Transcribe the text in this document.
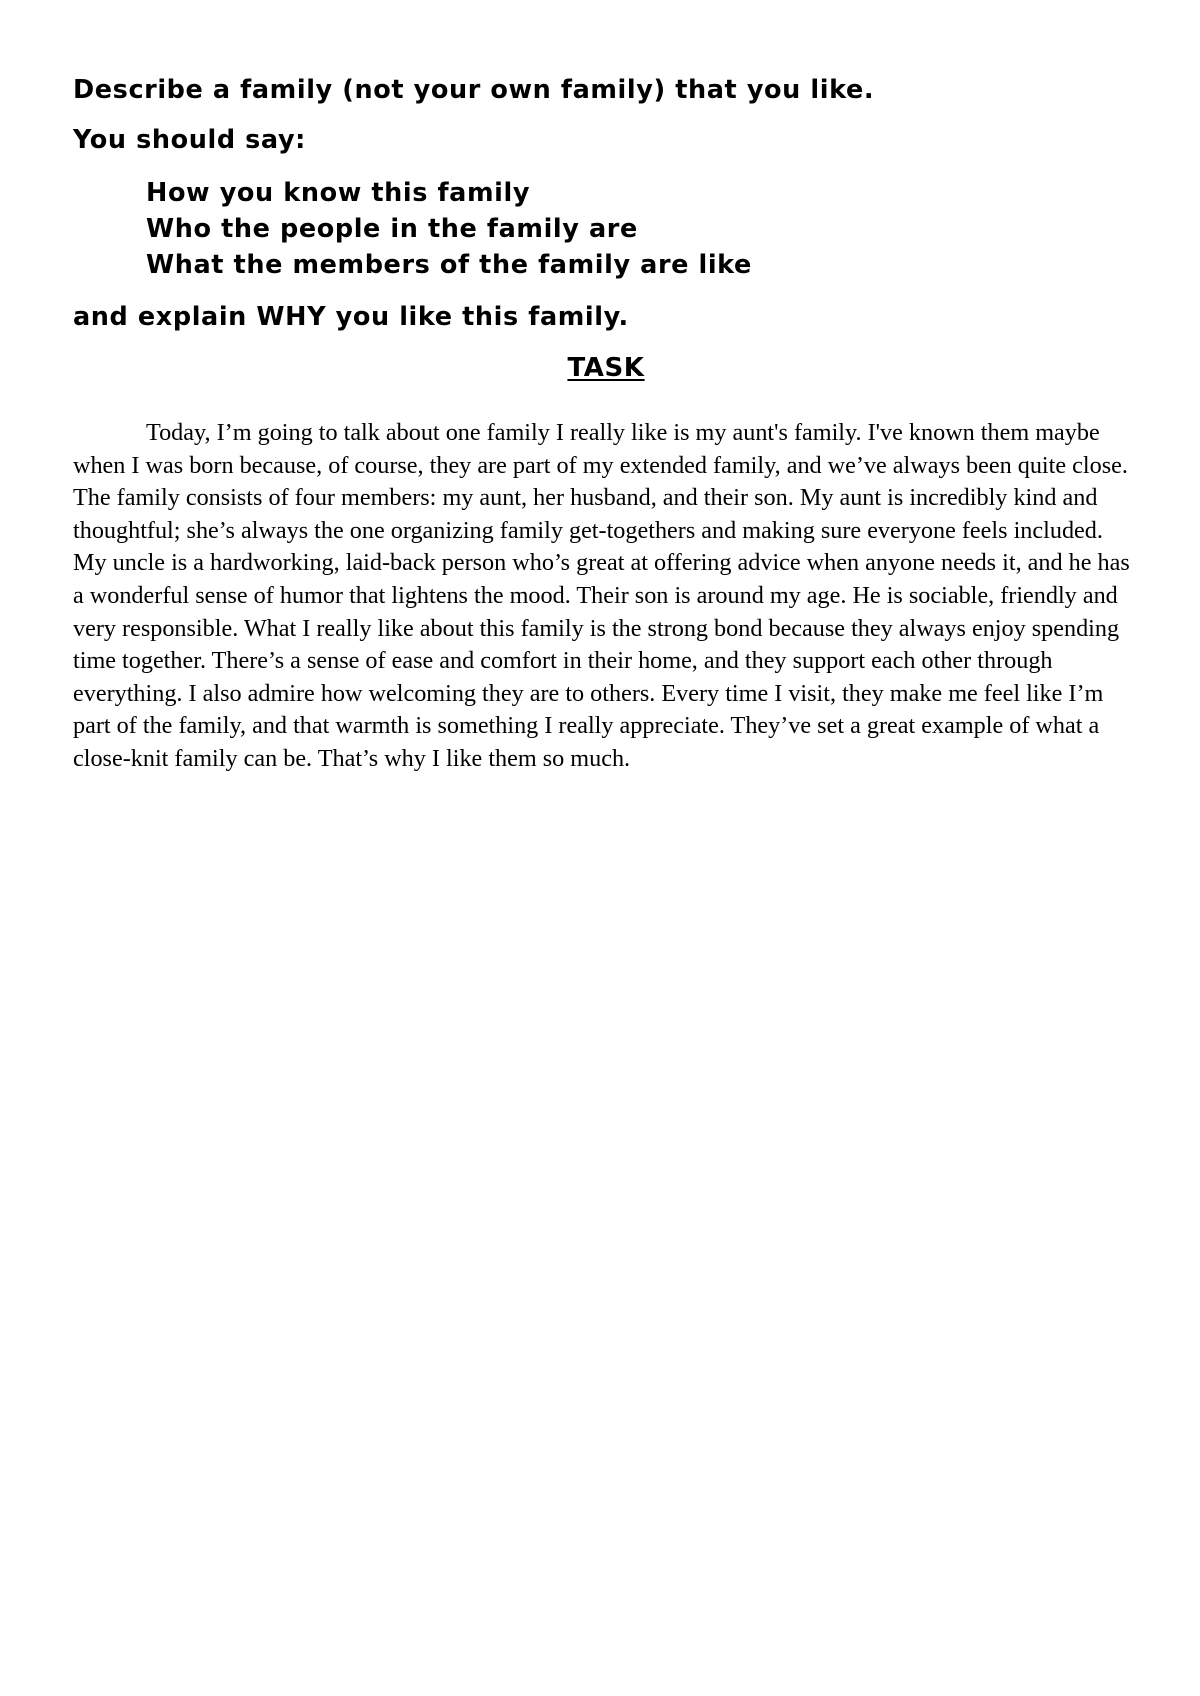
Describe a family (not your own family) that you like.

You should say:

How you know this family
Who the people in the family are
What the members of the family are like

and explain WHY you like this family.

TASK

Today, I’m going to talk about one family I really like is my aunt's family. I've known them maybe when I was born because, of course, they are part of my extended family, and we’ve always been quite close. The family consists of four members: my aunt, her husband, and their son. My aunt is incredibly kind and thoughtful; she’s always the one organizing family get-togethers and making sure everyone feels included. My uncle is a hardworking, laid-back person who’s great at offering advice when anyone needs it, and he has a wonderful sense of humor that lightens the mood. Their son is around my age. He is sociable, friendly and very responsible. What I really like about this family is the strong bond because they always enjoy spending time together. There’s a sense of ease and comfort in their home, and they support each other through everything. I also admire how welcoming they are to others. Every time I visit, they make me feel like I’m part of the family, and that warmth is something I really appreciate. They’ve set a great example of what a close-knit family can be. That’s why I like them so much.
